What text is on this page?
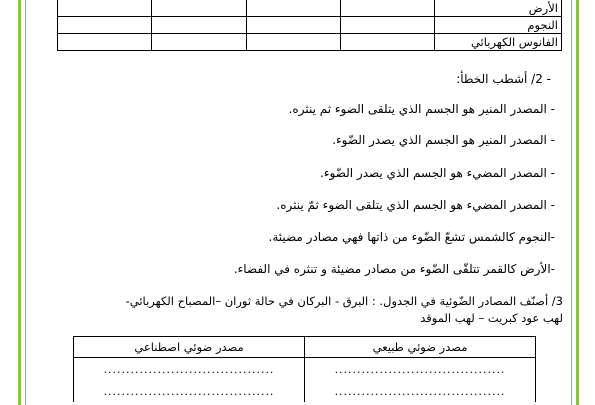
الأرض				
النجوم				
الفانوس الكهربائي				
- 2/ أشطب الخطأ:
- المصدر المنير هو الجسم الذي يتلقى الضوء ثم ينثره.
- المصدر المنير هو الجسم الذي يصدر الضّوء.
- المصدر المضيء هو الجسم الذي يصدر الضّوء.
- المصدر المضيء هو الجسم الذي يتلقى الضوء ثمّ ينثره.
-النجوم كالشمس تشعّ الضّوء من ذاتها فهي مصادر مضيئة.
-الأرض كالقمر تتلقّى الضّوء من مصادر مضيئة و تنثره في الفضاء.
3/ أصنّف المصادر الضّوئية في الجدول. : البرق - البركان في حالة ثوران –المصباح الكهربائي-
لهب عود كبريت – لهب الموقد
مصدر ضوئي طبيعي	مصدر ضوئي اصطناعي
......................................	......................................
......................................	......................................
